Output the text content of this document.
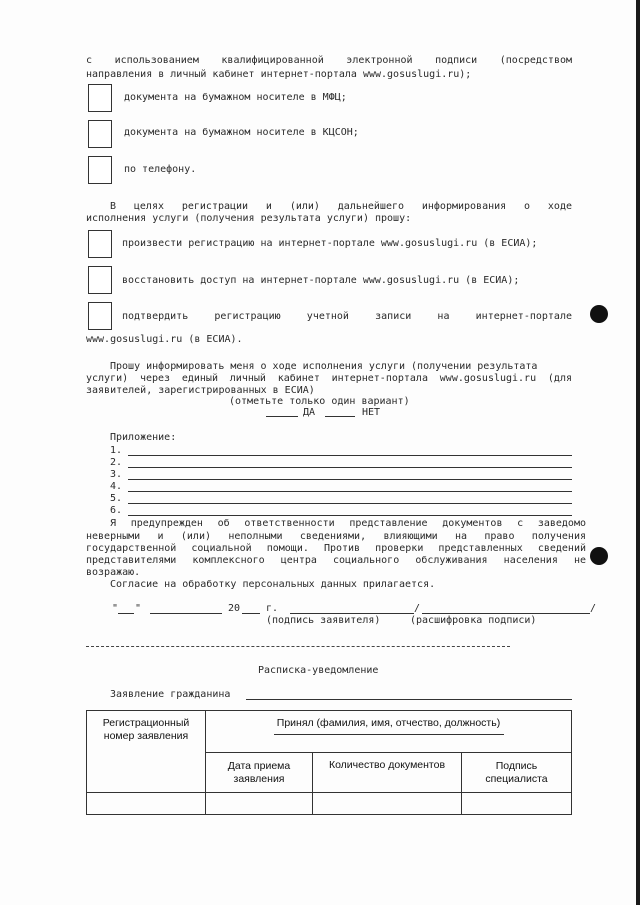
с использованием квалифицированной электронной подписи (посредством
направления в личный кабинет интернет-портала www.gosuslugi.ru);
документа на бумажном носителе в МФЦ;
документа на бумажном носителе в КЦСОН;
по телефону.
В целях регистрации и (или) дальнейшего информирования о ходе
исполнения услуги (получения результата услуги) прошу:
произвести регистрацию на интернет-портале www.gosuslugi.ru (в ЕСИА);
восстановить доступ на интернет-портале www.gosuslugi.ru (в ЕСИА);
подтвердить регистрацию учетной записи на интернет-портале
www.gosuslugi.ru (в ЕСИА).
Прошу информировать меня о ходе исполнения услуги (получении результата
услуги) через единый личный кабинет интернет-портала www.gosuslugi.ru (для
заявителей, зарегистрированных в ЕСИА)
(отметьте только один вариант)
ДА	НЕТ
Приложение:
1.
2.
3.
4.
5.
6.
Я предупрежден об ответственности представление документов с заведомо
неверными и (или) неполными сведениями, влияющими на право получения
государственной социальной помощи. Против проверки представленных сведений
представителями комплексного центра социального обслуживания населения не
возражаю.
Согласие на обработку персональных данных прилагается.
" "	20	г.	/	/
(подпись заявителя)	(расшифровка подписи)
Расписка-уведомление
Заявление гражданина
Регистрационный номер заявления	Принял (фамилия, имя, отчество, должность)		

	Дата приема заявления	Количество документов	Подпись специалиста
